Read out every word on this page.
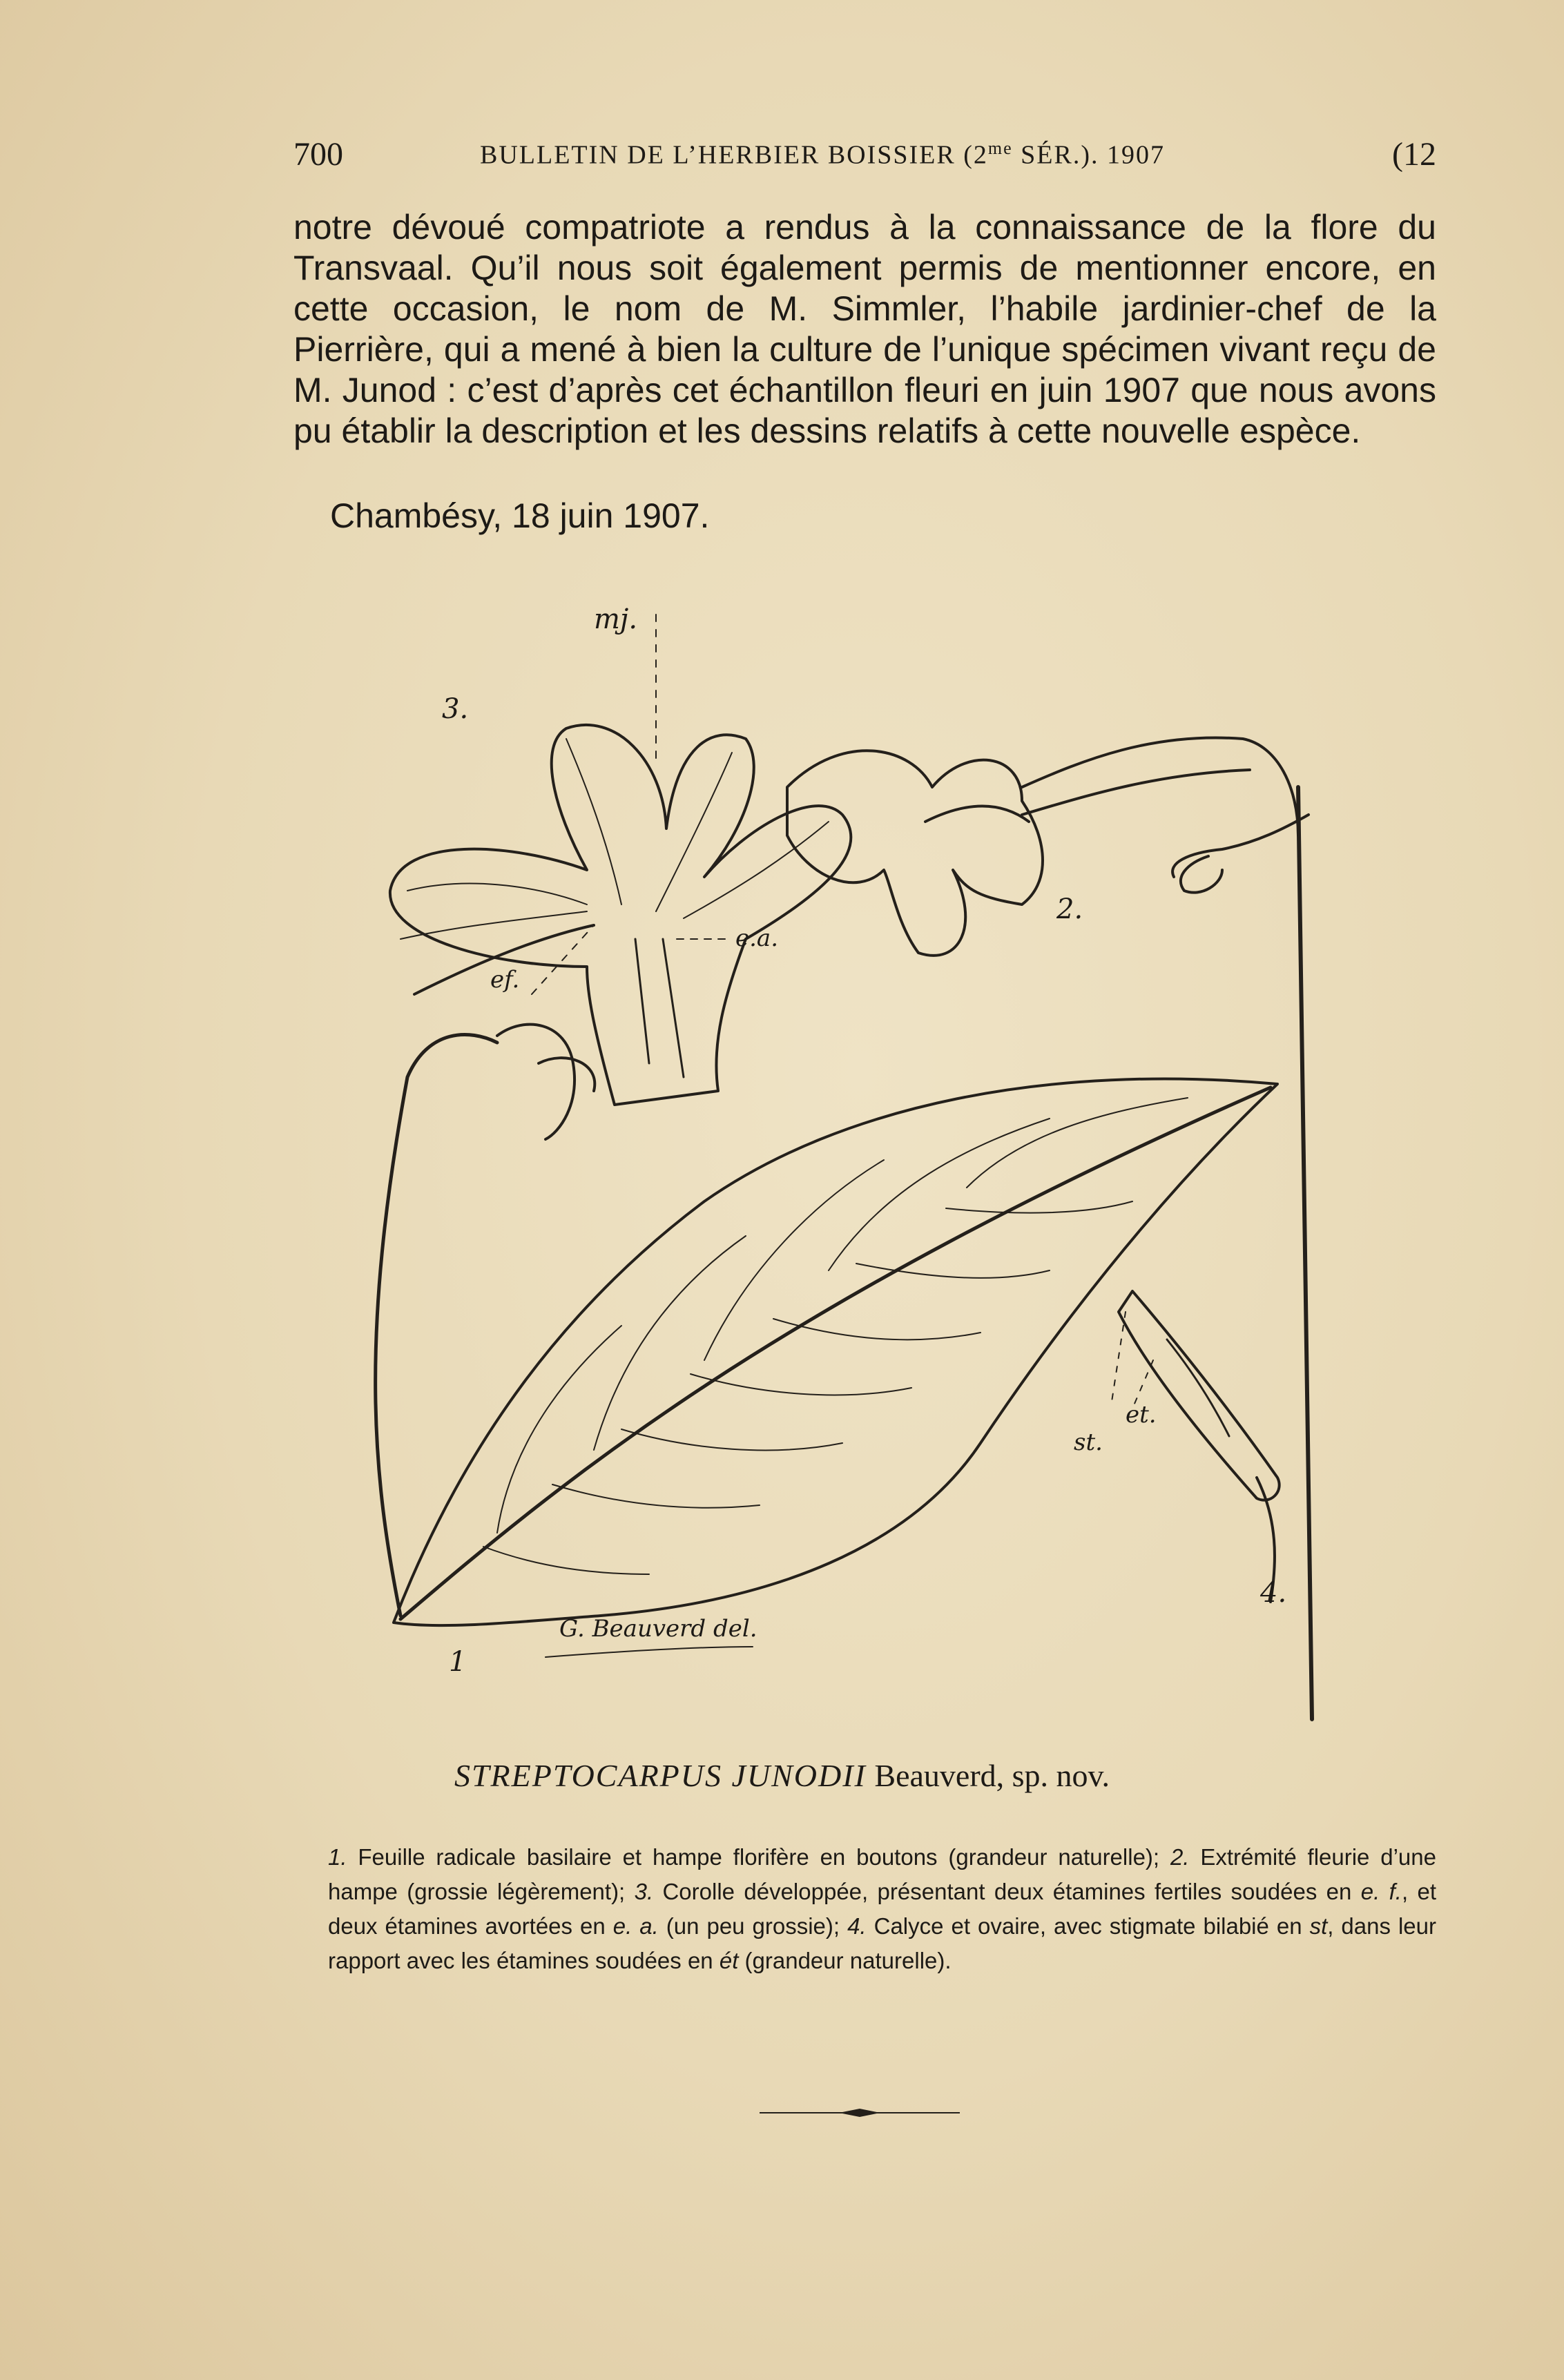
700	BULLETIN DE L’HERBIER BOISSIER ($2^{me}$ SÉR.). 1907	(12

notre dévoué compatriote a rendus à la connaissance de la flore du Transvaal. Qu’il nous soit également permis de mentionner encore, en cette occasion, le nom de M. Simmler, l’habile jardinier-chef de la Pierrière, qui a mené à bien la culture de l’unique spécimen vivant reçu de M. Junod : c’est d’après cet échantillon fleuri en juin 1907 que nous avons pu établir la description et les dessins relatifs à cette nouvelle espèce.

Chambésy, 18 juin 1907.

mj.
3.
ef.
e.a.
2.
et.
st.
4.
1
G. Beauverd del.
STREPTOCARPUS JUNODII Beauverd, sp. nov.

1. Feuille radicale basilaire et hampe florifère en boutons (grandeur naturelle); 2. Extrémité fleurie d’une hampe (grossie légèrement); 3. Corolle développée, présentant deux étamines fertiles soudées en e. f., et deux étamines avortées en e. a. (un peu grossie); 4. Calyce et ovaire, avec stigmate bilabié en st, dans leur rapport avec les étamines soudées en ét (grandeur naturelle).
